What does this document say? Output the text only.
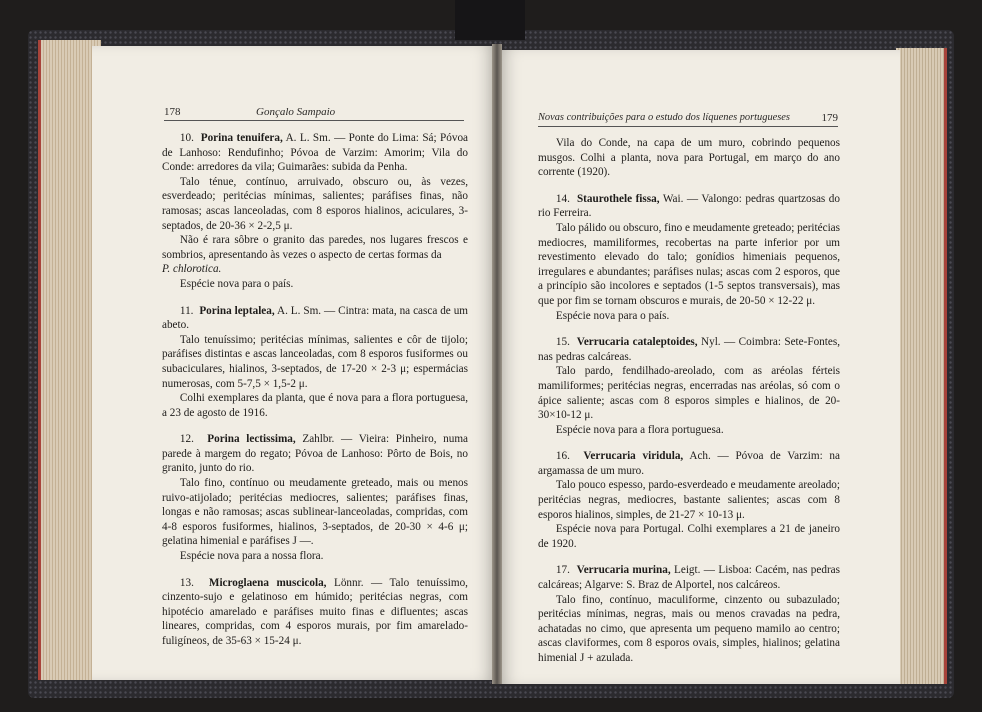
178	Gonçalo Sampaio

10. Porina tenuifera, A. L. Sm. — Ponte do Lima: Sá; Póvoa de Lanhoso: Rendufinho; Póvoa de Varzim: Amorim; Vila do Conde: arredores da vila; Guimarães: subida da Penha.

Talo ténue, contínuo, arruivado, obscuro ou, às vezes, esverdeado; peritécias mínimas, salientes; paráfises finas, não ramosas; ascas lanceoladas, com 8 esporos hialinos, aciculares, 3-septados, de 20-36 × 2-2,5 μ.

Não é rara sôbre o granito das paredes, nos lugares frescos e sombrios, apresentando às vezes o aspecto de certas formas da
P. chlorotica.

Espécie nova para o país.

11. Porina leptalea, A. L. Sm. — Cintra: mata, na casca de um abeto.

Talo tenuíssimo; peritécias mínimas, salientes e côr de tijolo; paráfises distintas e ascas lanceoladas, com 8 esporos fusiformes ou subaciculares, hialinos, 3-septados, de 17-20 × 2-3 μ; espermácias numerosas, com 5-7,5 × 1,5-2 μ.

Colhi exemplares da planta, que é nova para a flora portuguesa, a 23 de agosto de 1916.

12. Porina lectissima, Zahlbr. — Vieira: Pinheiro, numa parede à margem do regato; Póvoa de Lanhoso: Pôrto de Bois, no granito, junto do rio.

Talo fino, contínuo ou meudamente greteado, mais ou menos ruivo-atijolado; peritécias mediocres, salientes; paráfises finas, longas e não ramosas; ascas sublinear-lanceoladas, compridas, com 4-8 esporos fusiformes, hialinos, 3-septados, de 20-30 × 4-6 μ; gelatina himenial e paráfises J —.

Espécie nova para a nossa flora.

13. Microglaena muscicola, Lönnr. — Talo tenuíssimo, cinzento-sujo e gelatinoso em húmido; peritécias negras, com hipotécio amarelado e paráfises muito finas e difluentes; ascas lineares, compridas, com 4 esporos murais, por fim amarelado-fuligíneos, de 35-63 × 15-24 μ.

Novas contribuições para o estudo dos líquenes portugueses	179

Vila do Conde, na capa de um muro, cobrindo pequenos musgos. Colhi a planta, nova para Portugal, em março do ano corrente (1920).

14. Staurothele fissa, Wai. — Valongo: pedras quartzosas do rio Ferreira.

Talo pálido ou obscuro, fino e meudamente greteado; peritécias mediocres, mamiliformes, recobertas na parte inferior por um revestimento elevado do talo; gonídios himeniais pequenos, irregulares e abundantes; paráfises nulas; ascas com 2 esporos, que a princípio são incolores e septados (1-5 septos transversais), mas que por fim se tornam obscuros e murais, de 20-50 × 12-22 μ.

Espécie nova para o país.

15. Verrucaria cataleptoides, Nyl. — Coimbra: Sete-Fontes, nas pedras calcáreas.

Talo pardo, fendilhado-areolado, com as aréolas férteis mamiliformes; peritécias negras, encerradas nas aréolas, só com o ápice saliente; ascas com 8 esporos simples e hialinos, de 20-30×10-12 μ.

Espécie nova para a flora portuguesa.

16. Verrucaria viridula, Ach. — Póvoa de Varzim: na argamassa de um muro.

Talo pouco espesso, pardo-esverdeado e meudamente areolado; peritécias negras, mediocres, bastante salientes; ascas com 8 esporos hialinos, simples, de 21-27 × 10-13 μ.

Espécie nova para Portugal. Colhi exemplares a 21 de janeiro de 1920.

17. Verrucaria murina, Leigt. — Lisboa: Cacém, nas pedras calcáreas; Algarve: S. Braz de Alportel, nos calcáreos.

Talo fino, contínuo, maculiforme, cinzento ou subazulado; peritécias mínimas, negras, mais ou menos cravadas na pedra, achatadas no cimo, que apresenta um pequeno mamilo ao centro; ascas claviformes, com 8 esporos ovais, simples, hialinos; gelatina himenial J + azulada.
